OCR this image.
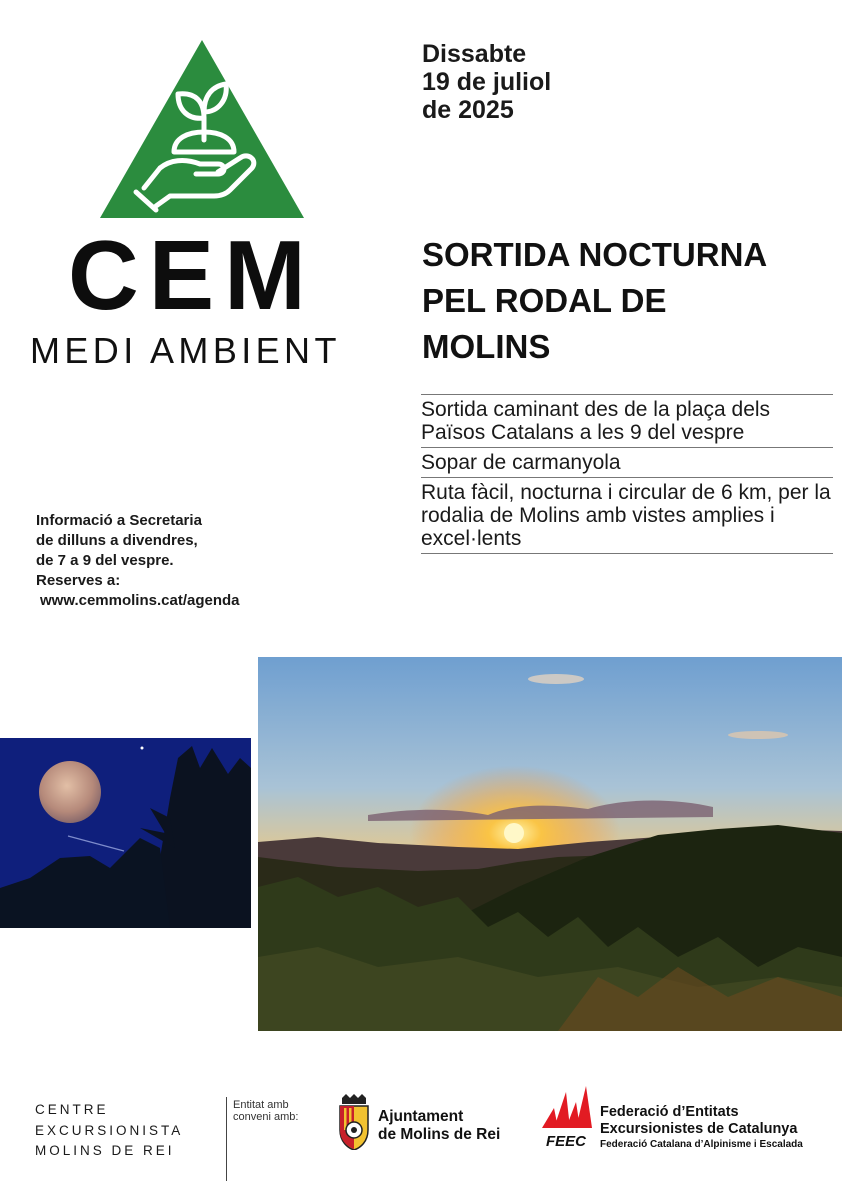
CEM
MEDI AMBIENT
Dissabte
19 de juliol
de 2025
SORTIDA NOCTURNA
PEL RODAL DE
MOLINS
Sortida caminant des de la plaça dels Països Catalans a les 9 del vespre
Sopar de carmanyola
Ruta fàcil, nocturna i circular de 6 km, per la rodalia de Molins amb vistes amplies i excel·lents
Informació a Secretaria
de dilluns a divendres,
de 7 a 9 del vespre.
Reserves a:
www.cemmolins.cat/agenda
CENTRE
EXCURSIONISTA
MOLINS DE REI
Entitat amb
conveni amb:	Ajuntament
de Molins de Rei	FEEC
Federació d’Entitats
Excursionistes de Catalunya
Federació Catalana d’Alpinisme i Escalada
